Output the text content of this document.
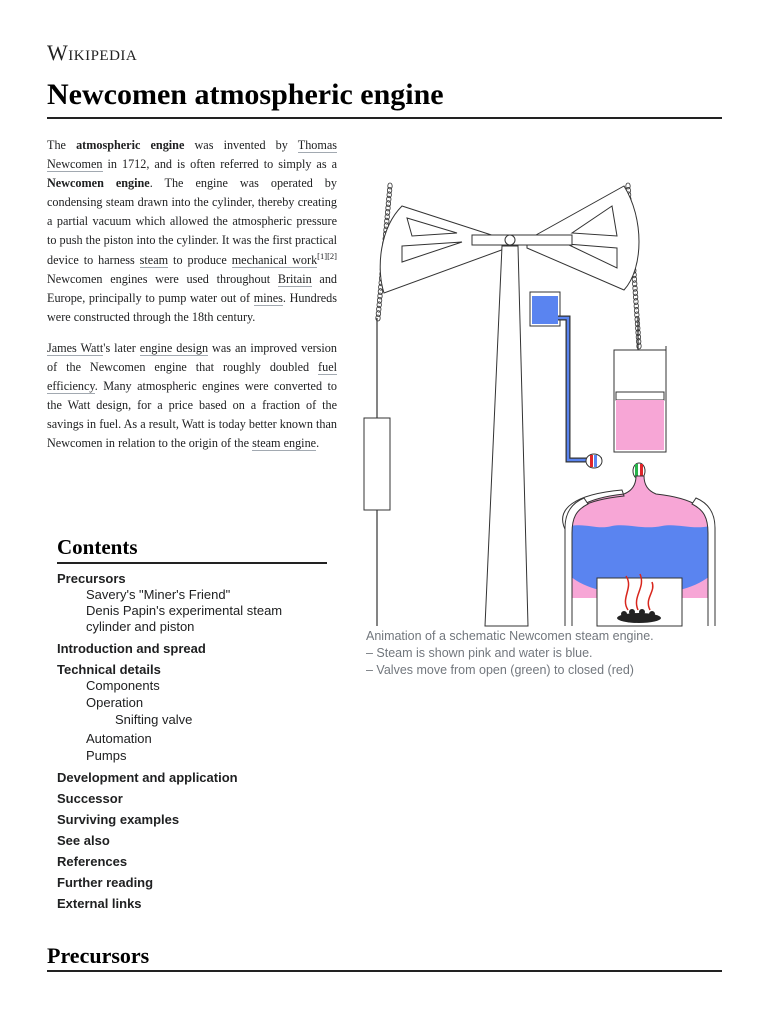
Wikipedia
Newcomen atmospheric engine

The atmospheric engine was invented by Thomas Newcomen in 1712, and is often referred to simply as a Newcomen engine. The engine was operated by condensing steam drawn into the cylinder, thereby creating a partial vacuum which allowed the atmospheric pressure to push the piston into the cylinder. It was the first practical device to harness steam to produce mechanical work[1][2] Newcomen engines were used throughout Britain and Europe, principally to pump water out of mines. Hundreds were constructed through the 18th century.

James Watt's later engine design was an improved version of the Newcomen engine that roughly doubled fuel efficiency. Many atmospheric engines were converted to the Watt design, for a price based on a fraction of the savings in fuel. As a result, Watt is today better known than Newcomen in relation to the origin of the steam engine.

Animation of a schematic Newcomen steam engine.
– Steam is shown pink and water is blue.
– Valves move from open (green) to closed (red)
Contents
Precursors
Savery's "Miner's Friend"
Denis Papin's experimental steam cylinder and piston
Introduction and spread
Technical details
Components
Operation
Snifting valve
Automation
Pumps
Development and application
Successor
Surviving examples
See also
References
Further reading
External links
Precursors
